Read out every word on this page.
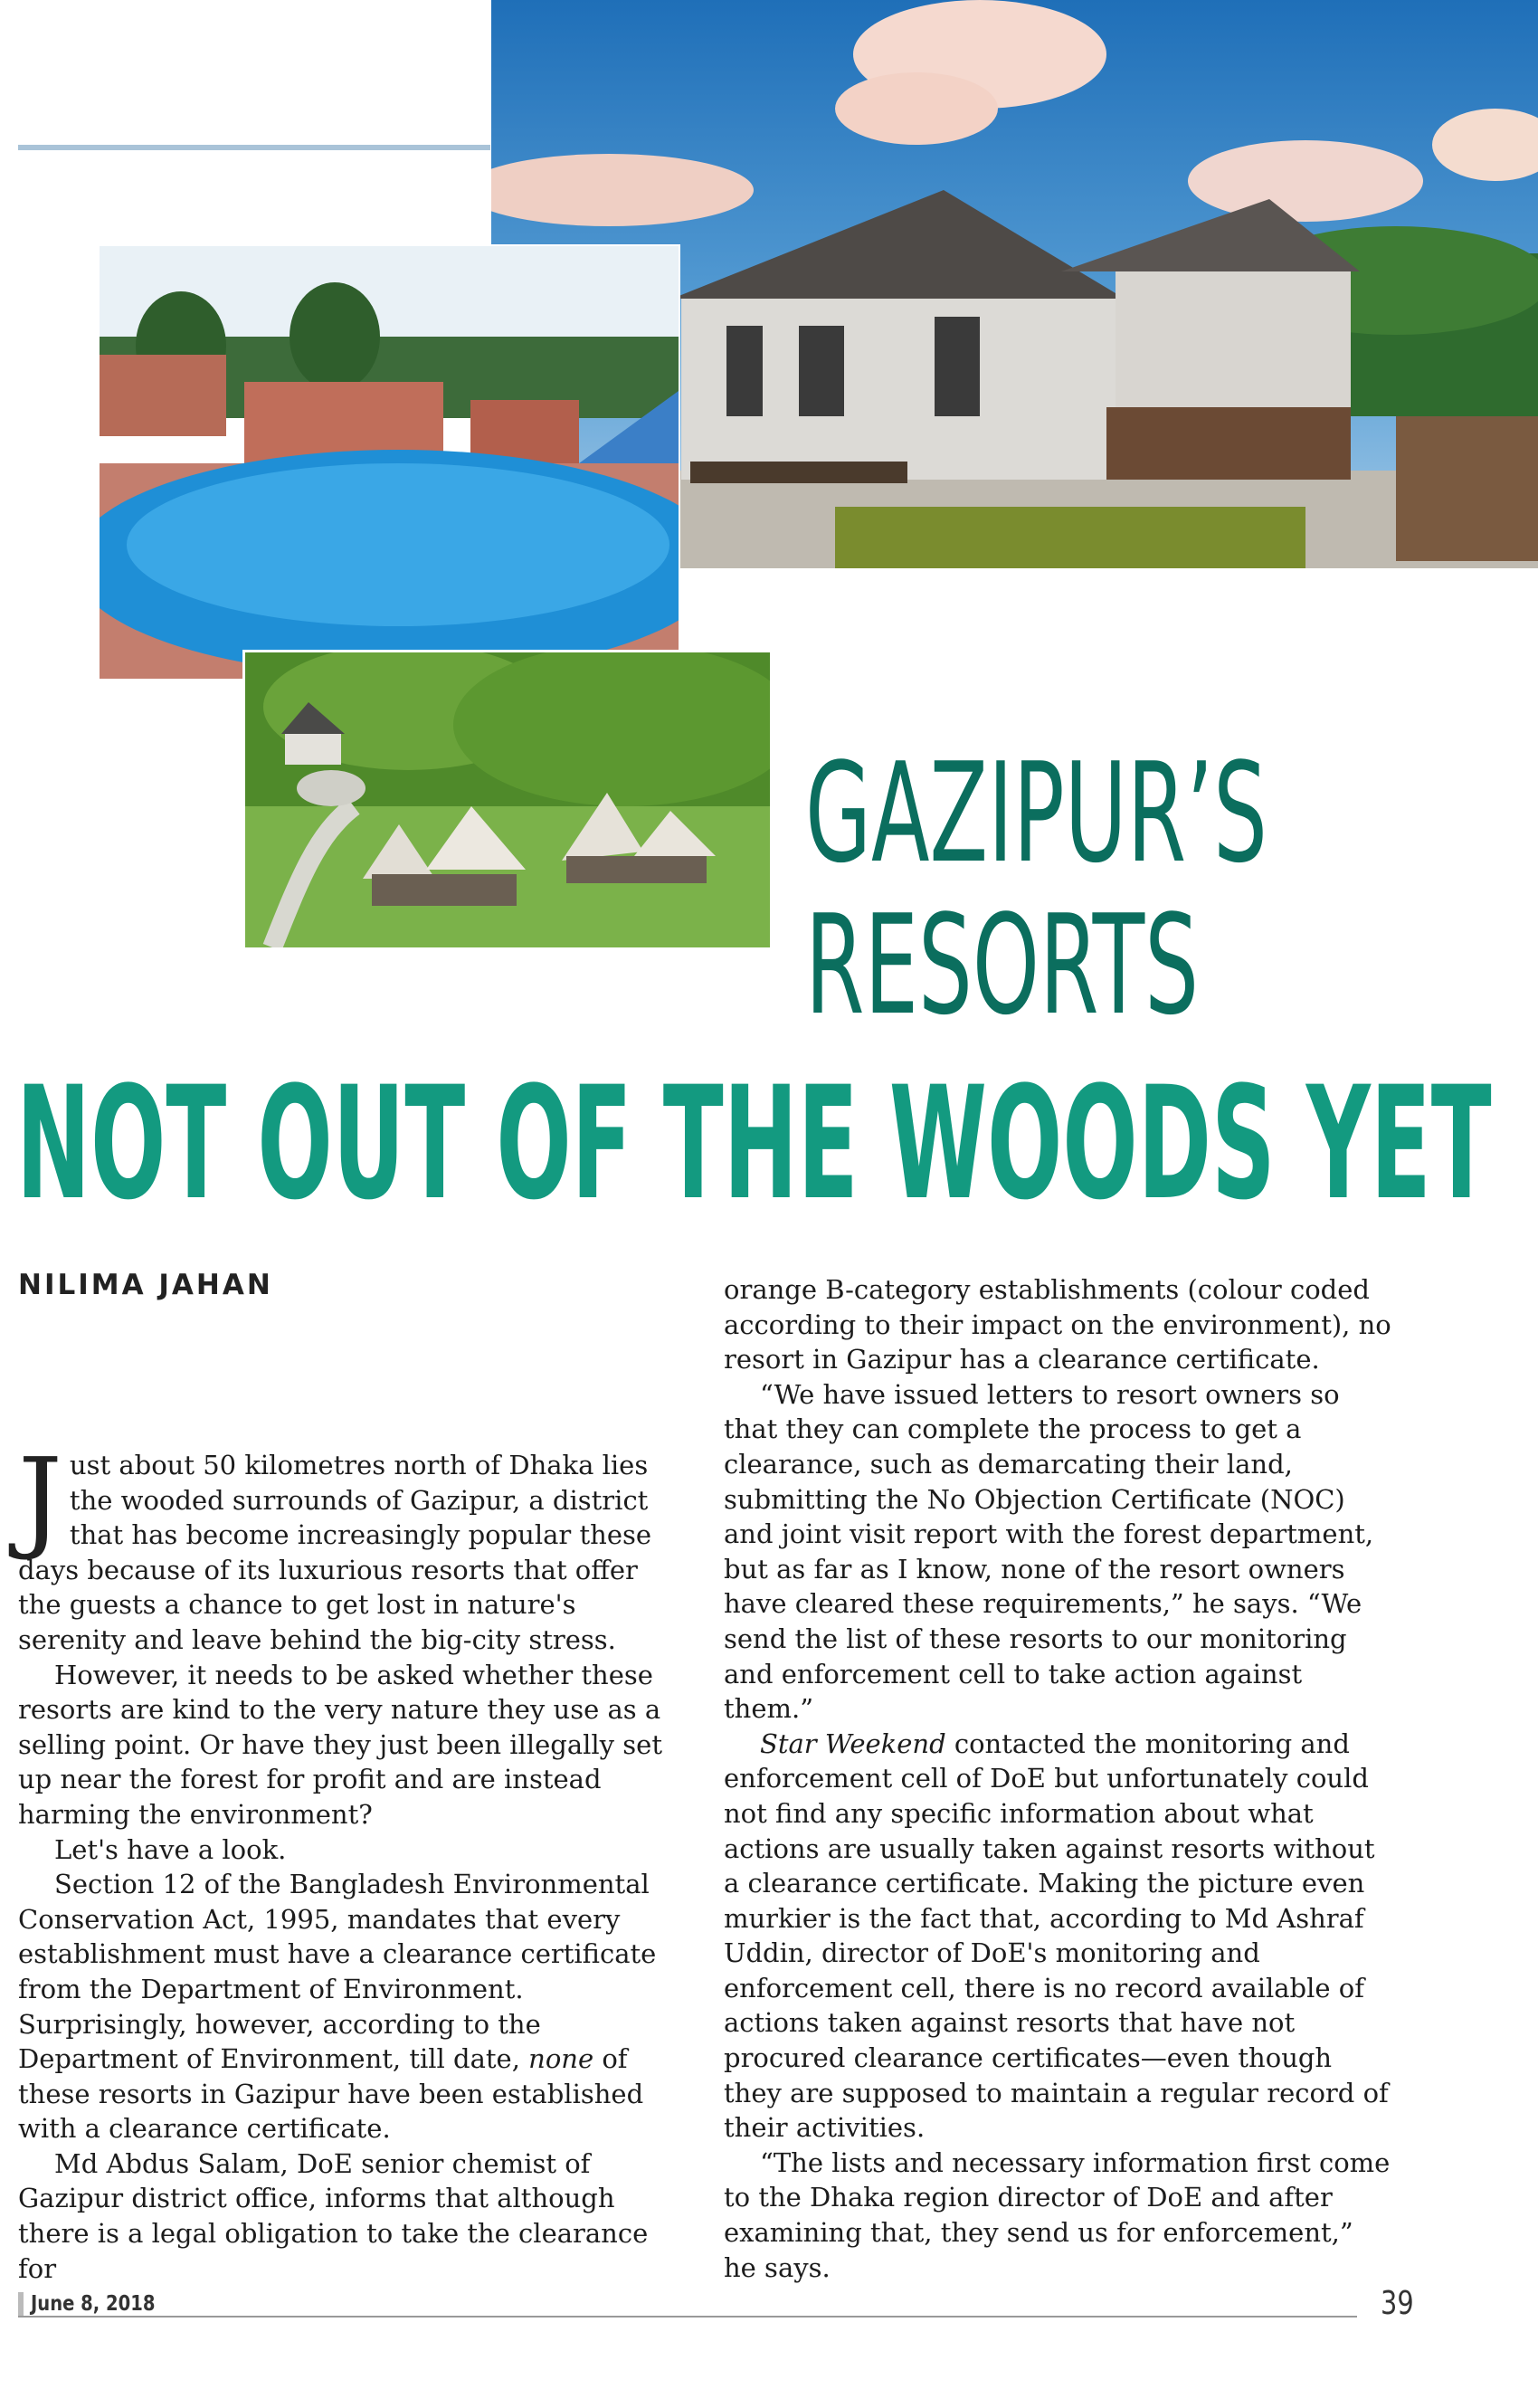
GAZIPUR’S
RESORTS
NOT OUT OF THE WOODS YET
NILIMA JAHAN

Just about 50 kilometres north of Dhaka lies the wooded surrounds of Gazipur, a district that has become increasingly popular these days because of its luxurious resorts that offer the guests a chance to get lost in nature's serenity and leave behind the big-city stress.

However, it needs to be asked whether these resorts are kind to the very nature they use as a selling point. Or have they just been illegally set up near the forest for profit and are instead harming the environment?

Let's have a look.

Section 12 of the Bangladesh Environmental Conservation Act, 1995, mandates that every establishment must have a clearance certificate from the Department of Environment. Surprisingly, however, according to the Department of Environment, till date, none of these resorts in Gazipur have been established with a clearance certificate.

Md Abdus Salam, DoE senior chemist of Gazipur district office, informs that although there is a legal obligation to take the clearance for

orange B-category establishments (colour coded according to their impact on the environment), no resort in Gazipur has a clearance certificate.

“We have issued letters to resort owners so that they can complete the process to get a clearance, such as demarcating their land, submitting the No Objection Certificate (NOC) and joint visit report with the forest department, but as far as I know, none of the resort owners have cleared these requirements,” he says. “We send the list of these resorts to our monitoring and enforcement cell to take action against them.”

Star Weekend contacted the monitoring and enforcement cell of DoE but unfortunately could not find any specific information about what actions are usually taken against resorts without a clearance certificate. Making the picture even murkier is the fact that, according to Md Ashraf Uddin, director of DoE's monitoring and enforcement cell, there is no record available of actions taken against resorts that have not procured clearance certificates—even though they are supposed to maintain a regular record of their activities.

“The lists and necessary information first come to the Dhaka region director of DoE and after examining that, they send us for enforcement,” he says.

June 8, 2018	39
